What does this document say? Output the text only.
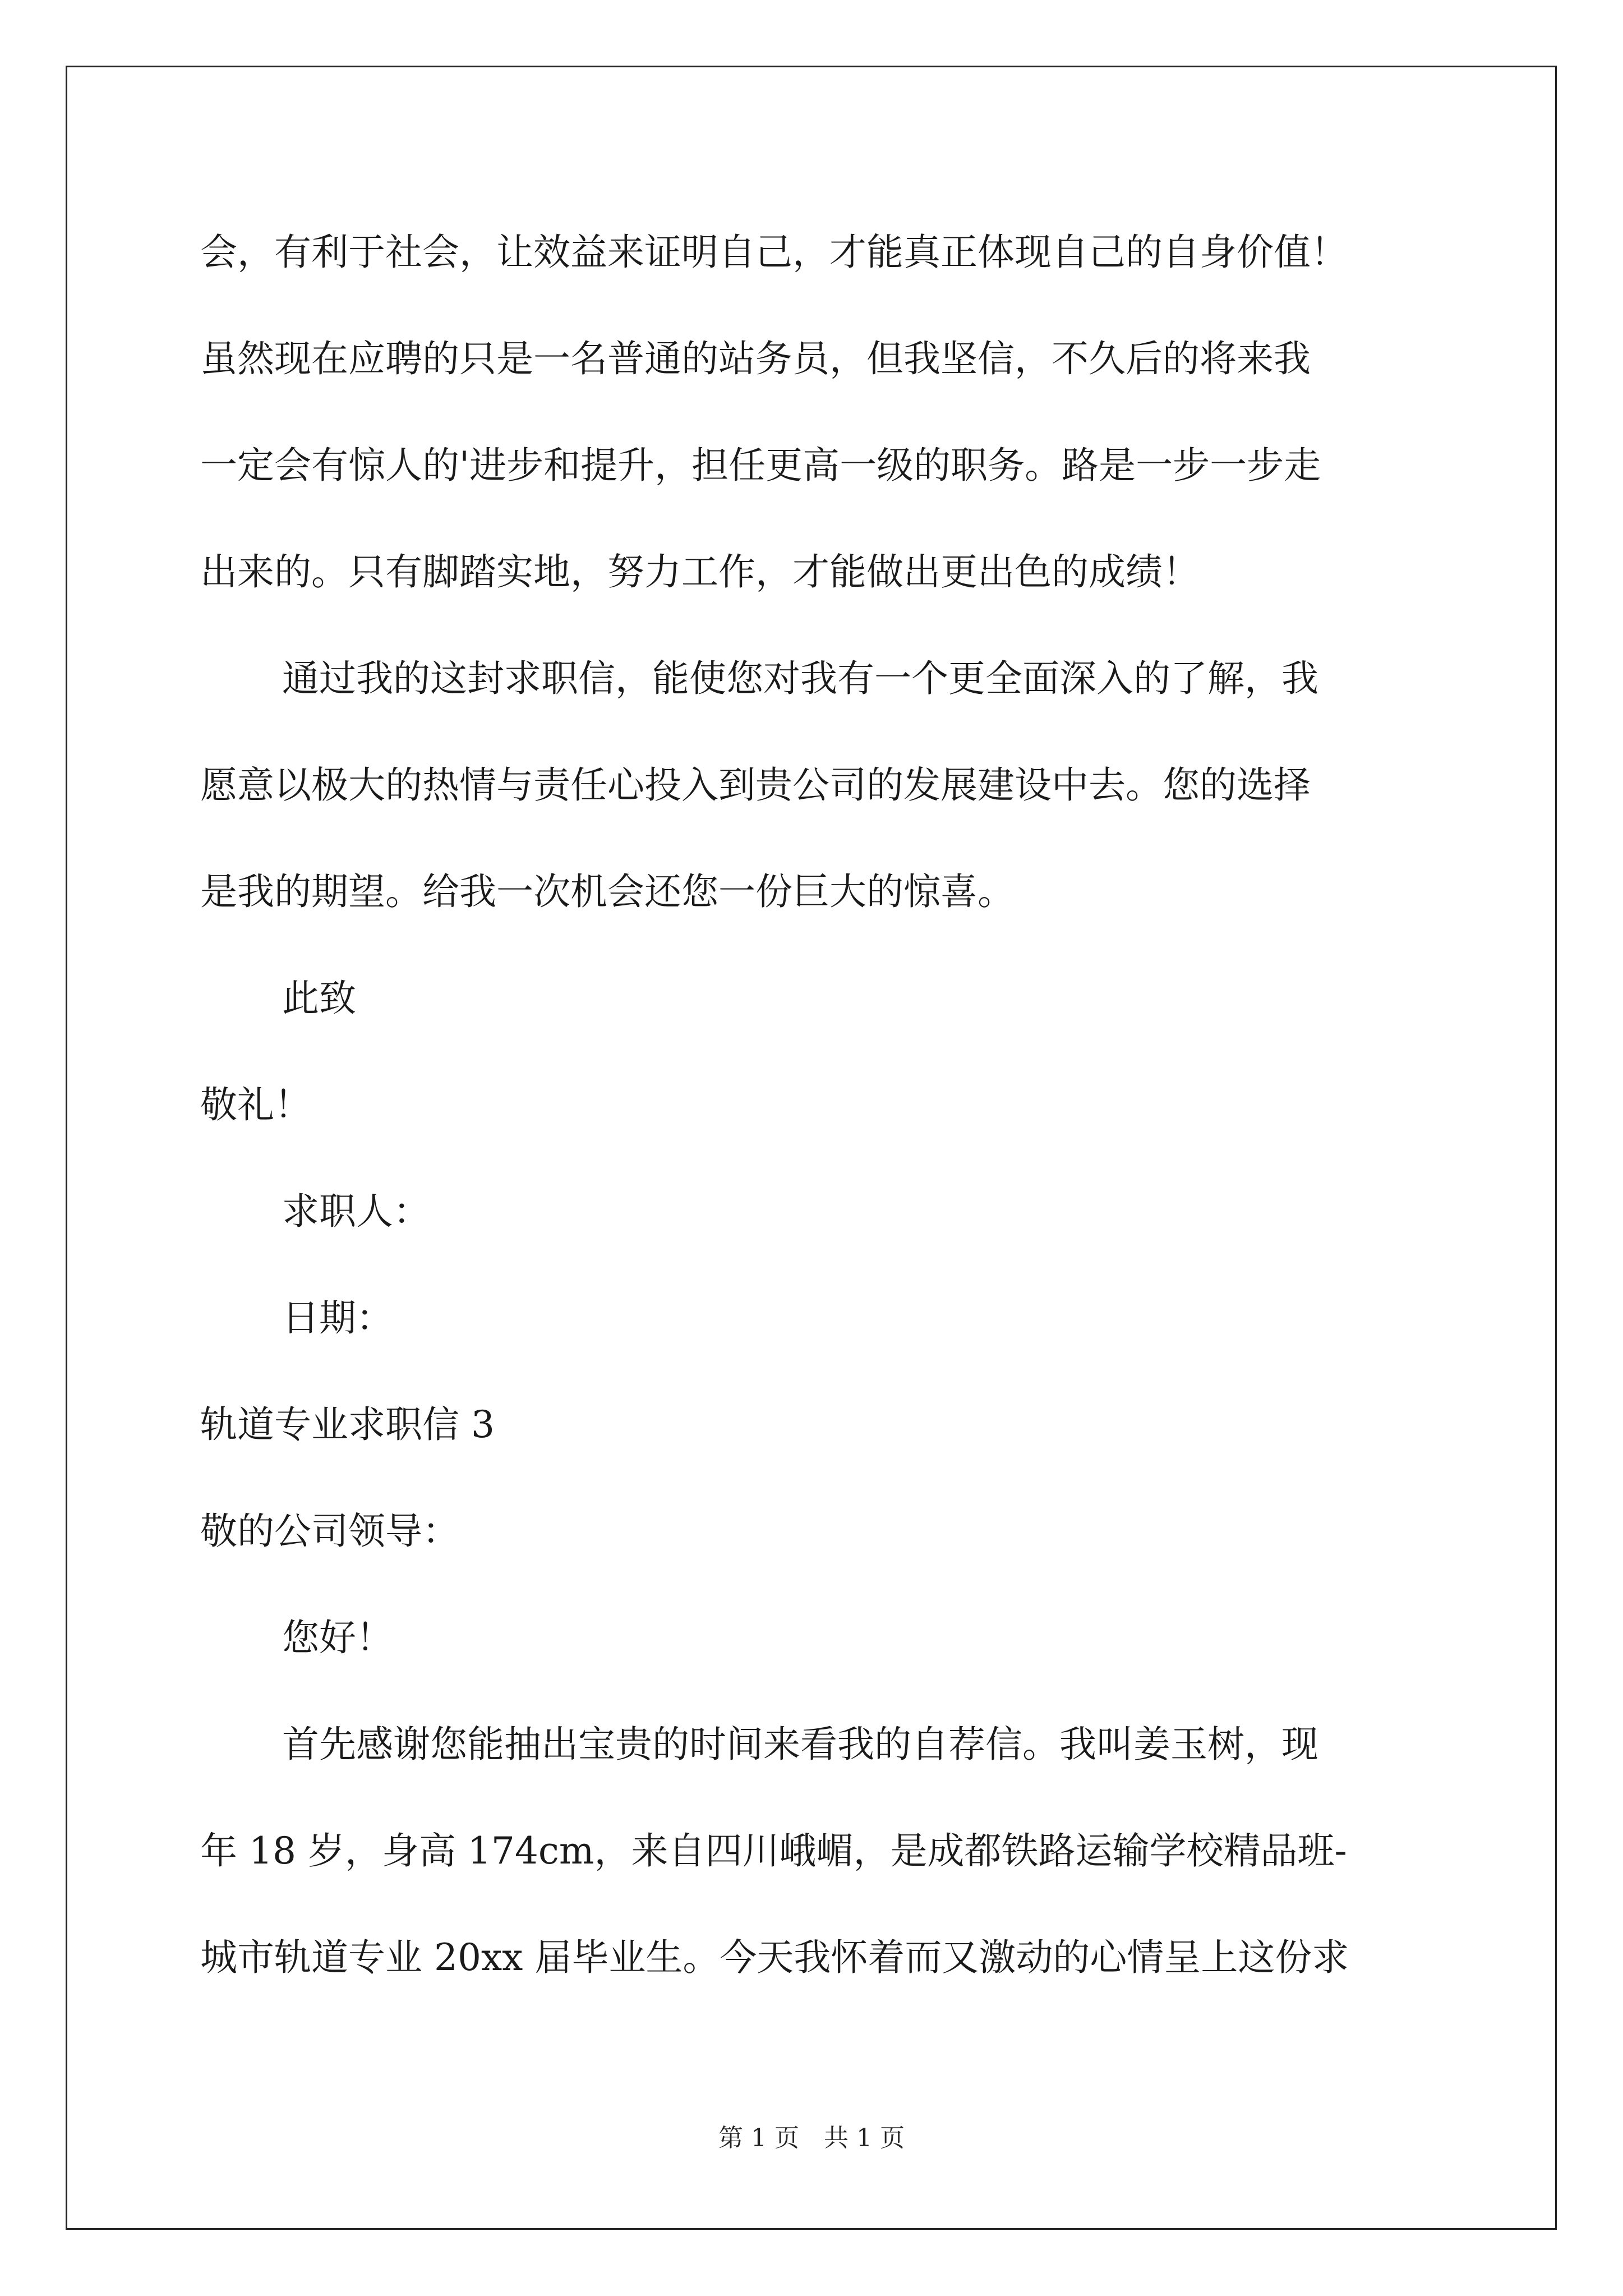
会，有利于社会，让效益来证明自己，才能真正体现自己的自身价值！
虽然现在应聘的只是一名普通的站务员，但我坚信，不久后的将来我
一定会有惊人的'进步和提升，担任更高一级的职务。路是一步一步走
出来的。只有脚踏实地，努力工作，才能做出更出色的成绩！
通过我的这封求职信，能使您对我有一个更全面深入的了解，我
愿意以极大的热情与责任心投入到贵公司的发展建设中去。您的选择
是我的期望。给我一次机会还您一份巨大的惊喜。
此致
敬礼！
求职人：
日期：
轨道专业求职信 3
敬的公司领导：
您好！
首先感谢您能抽出宝贵的时间来看我的自荐信。我叫姜玉树，现
年 18 岁，身高 174cm，来自四川峨嵋，是成都铁路运输学校精品班-
城市轨道专业 20xx 届毕业生。今天我怀着而又激动的心情呈上这份求
第 1 页　共 1 页
